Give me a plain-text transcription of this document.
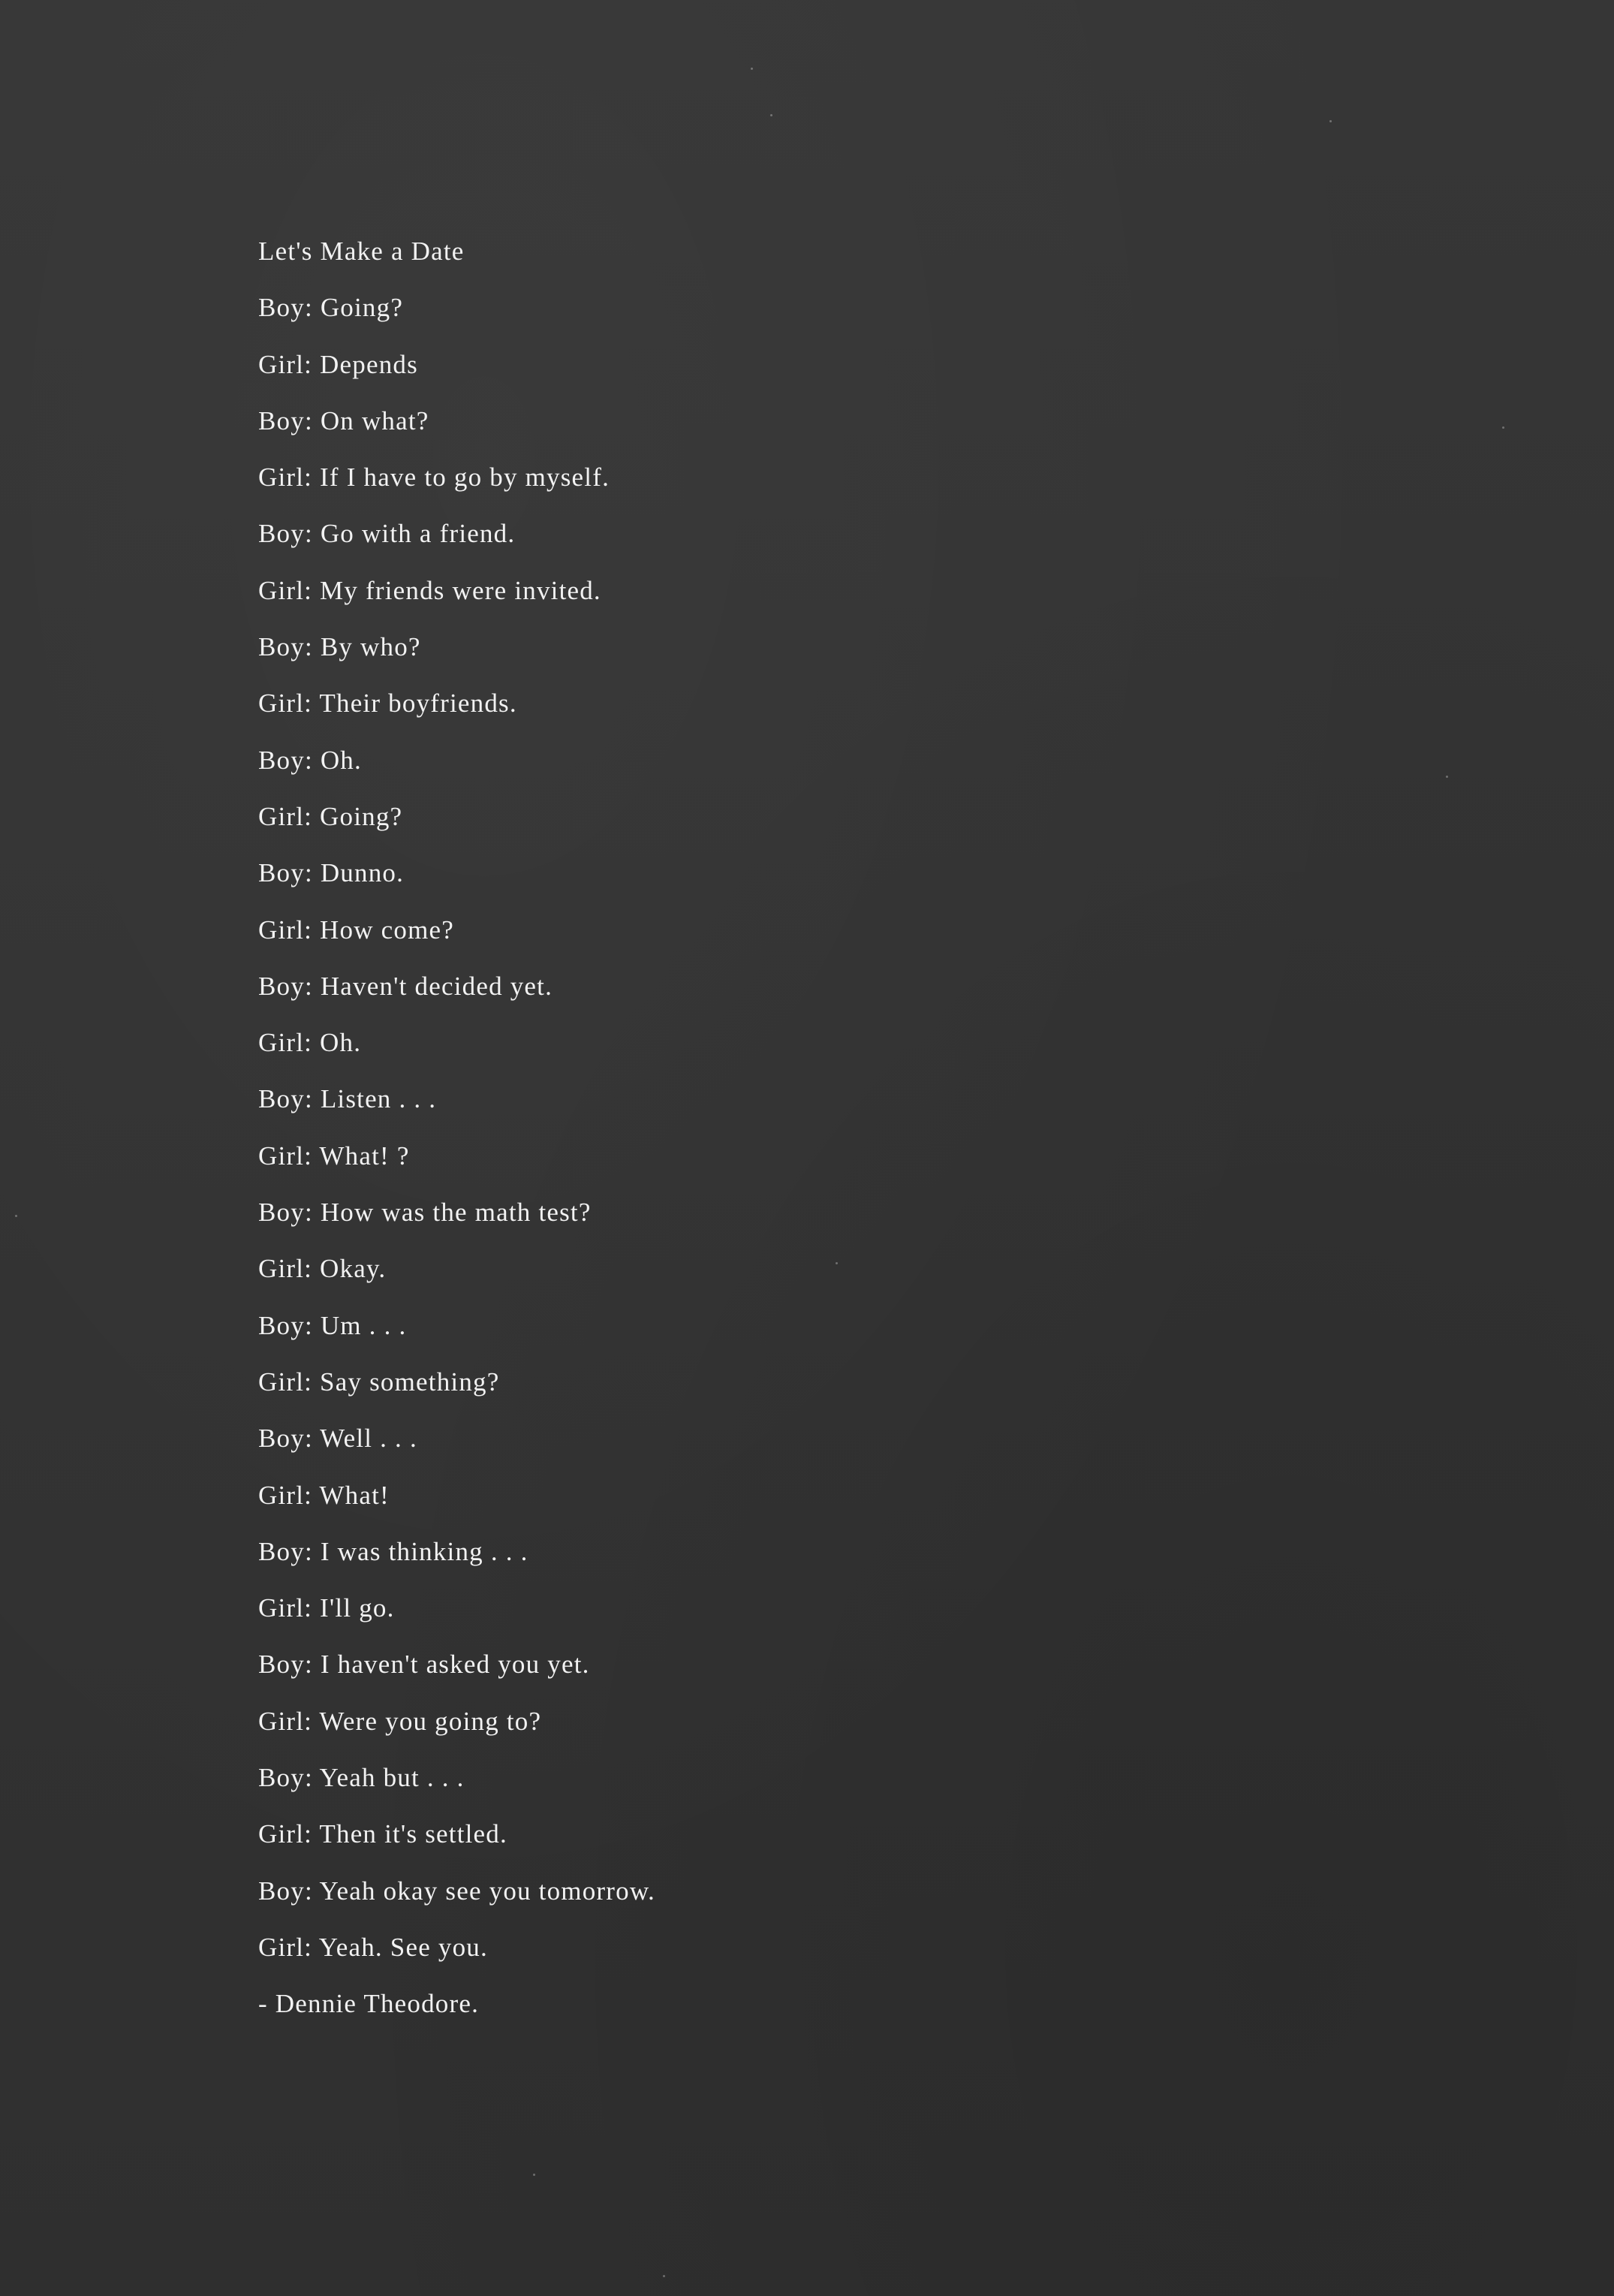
Let's Make a Date
Boy: Going?
Girl: Depends
Boy: On what?
Girl: If I have to go by myself.
Boy: Go with a friend.
Girl: My friends were invited.
Boy: By who?
Girl: Their boyfriends.
Boy: Oh.
Girl: Going?
Boy: Dunno.
Girl: How come?
Boy: Haven't decided yet.
Girl: Oh.
Boy: Listen . . .
Girl: What! ?
Boy: How was the math test?
Girl: Okay.
Boy: Um . . .
Girl: Say something?
Boy: Well . . .
Girl: What!
Boy: I was thinking . . .
Girl: I'll go.
Boy: I haven't asked you yet.
Girl: Were you going to?
Boy: Yeah but . . .
Girl: Then it's settled.
Boy: Yeah okay see you tomorrow.
Girl: Yeah. See you.
- Dennie Theodore.
